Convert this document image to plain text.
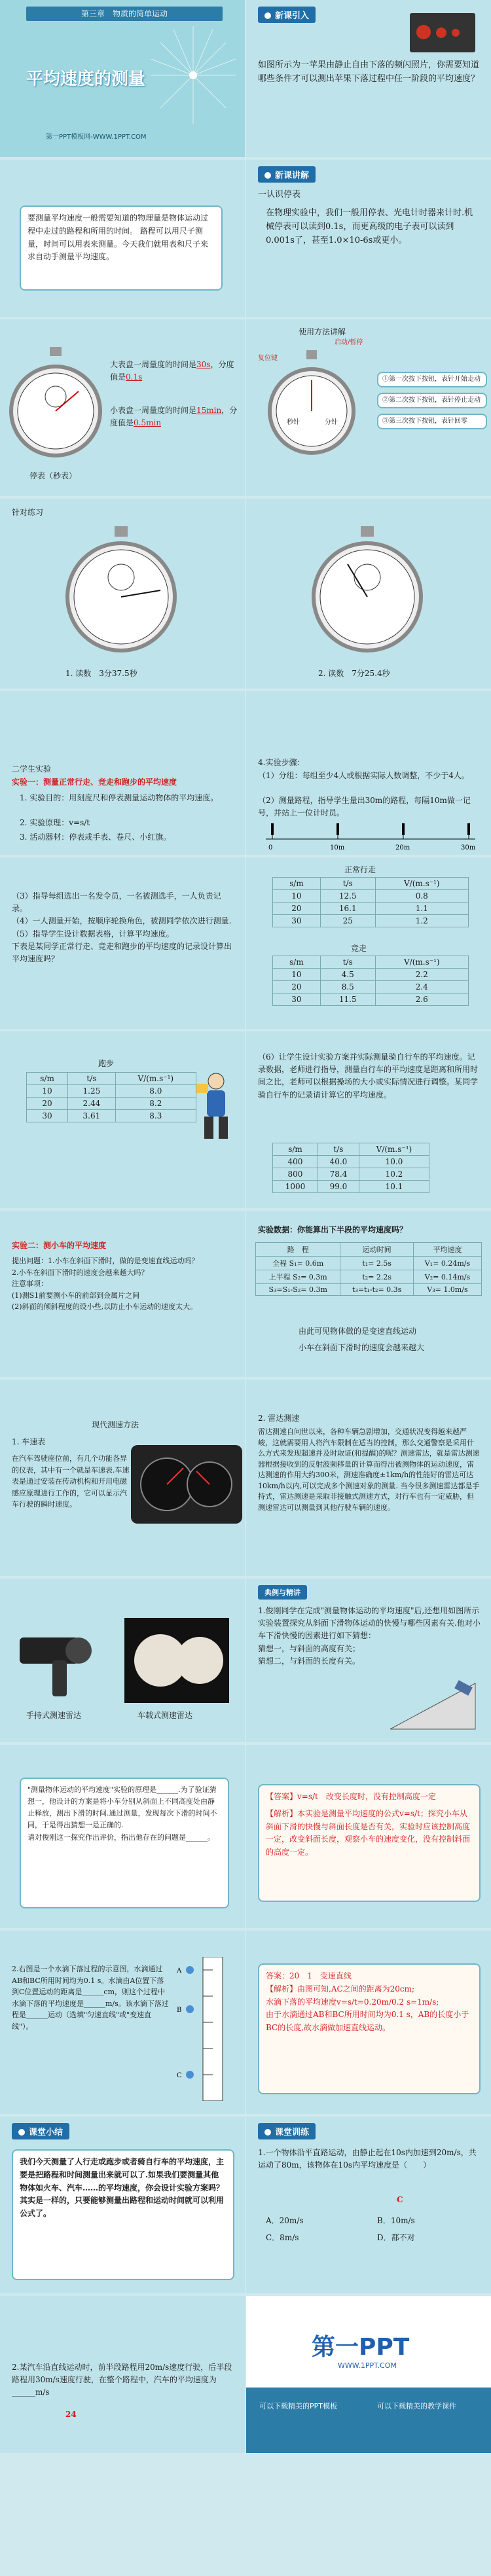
第三章　物质的简单运动
平均速度的测量
第一PPT模板网-WWW.1PPT.COM
新课引入
如图所示为一苹果由静止自由下落的频闪照片，你需要知道哪些条件才可以测出苹果下落过程中任一阶段的平均速度？
要测量平均速度一般需要知道的物理量是物体运动过程中走过的路程和所用的时间。 路程可以用尺子测量，时间可以用表来测量。今天我们就用表和尺子来求自动手测量平均速度。
新课讲解
一认识停表
在物理实验中，我们一般用停表、光电计时器来计时.机械停表可以读到0.1s，而更高级的电子表可以读到0.001s了，甚至1.0×10-6s或更小。
大表盘一周量度的时间是30s，分度值是0.1s
小表盘一周量度的时间是15min，分度值是0.5min
停表（秒表）
使用方法讲解
启动/暂停
复位键
秒针	分针
①第一次按下按钮，表针开始走动
②第二次按下按钮，表针停止走动
③第三次按下按钮，表针回零
针对练习
1. 读数　3分37.5秒	2. 读数　7分25.4秒
二学生实验
实验一：测量正常行走、竞走和跑步的平均速度
1. 实验目的：用刻度尺和停表测量运动物体的平均速度。
2. 实验原理：v=s/t
3. 活动器材：停表或手表、卷尺、小红旗。
4.实验步骤：
（1）分组：每组至少4人或根据实际人数调整，不少于4人。
（2）测量路程，指导学生量出30m的路程，每隔10m做一记号，并站上一位计时员。
0	10m	20m	30m
（3）指导每组选出一名发令员，一名被测选手，一人负责记录。
（4）一人测量开始，按顺序轮换角色，被测同学依次进行测量.
（5）指导学生设计数据表格，计算平均速度。
下表是某同学正常行走、竞走和跑步的平均速度的记录设计算出平均速度吗？
正常行走
s/m	t/s	V/(m.s⁻¹)
10	12.5	0.8
20	16.1	1.1
30	25	1.2
竞走
s/m	t/s	V/(m.s⁻¹)
10	4.5	2.2
20	8.5	2.4
30	11.5	2.6
跑步
s/m	t/s	V/(m.s⁻¹)
10	1.25	8.0
20	2.44	8.2
30	3.61	8.3
（6）让学生设计实验方案并实际测量骑自行车的平均速度。记录数据，老师进行指导，测量自行车的平均速度是距离和所用时间之比，老师可以根据操场的大小或实际情况进行调整。某同学骑自行车的记录请计算它的平均速度。
s/m	t/s	V/(m.s⁻¹)
400	40.0	10.0
800	78.4	10.2
1000	99.0	10.1
实验二：测小车的平均速度
提出问题：1.小车在斜面下滑时，做的是变速直线运动吗？
2.小车在斜面下滑时的速度会越来越大吗？
注意事项：
(1)测S1前要测小车的前部到金属片之间
(2)斜面的倾斜程度的设小些,以防止小车运动的速度太大。
实验数据：你能算出下半段的平均速度吗？
路　程	运动时间	平均速度
全程 S₁= 0.6m	t₁= 2.5s	V₁= 0.24m/s
上半程 S₂= 0.3m	t₂= 2.2s	V₂= 0.14m/s
S₃=S₁-S₂= 0.3m	t₃=t₁-t₂= 0.3s	V₃= 1.0m/s
由此可见物体做的是变速直线运动
小车在斜面下滑时的速度会越来越大
现代测速方法
1. 车速表
在汽车驾驶座位前，有几个功能各异的仪表，其中有一个就是车速表.车速表是通过安装在传动机构和开用电磁感应原理进行工作的，它可以显示汽车行驶的瞬时速度。
2. 雷达测速
雷达测速自问世以来，各种车辆急剧增加，交通状况变得越来越严峻，这就需要用人将汽车限制在适当的控制，那么交通警察是采用什么方式来发现超速并及时取证(和提醒)的呢？测速雷达，就是雷达测速器根据接收到的反射波频移量的计算而得出被测物体的运动速度，雷达测速的作用大约300米，测速准确度±1km/h的性能好的雷达可达10km/h以内,可以完成多个测速对象的测量. 当今很多测速雷达都是手持式，雷达测速是采取非接触式测速方式，对行车也有一定威胁，但测速雷达可以测量到其他行驶车辆的速度。
手持式测速雷达	车载式测速雷达
典例与精讲
1.俊刚同学在完成"测量物体运动的平均速度"后,还想用如图所示实验装置探究从斜面下滑物体运动的快慢与哪些因素有关.他对小车下滑快慢的因素进行如下猜想：
猜想一，与斜面的高度有关；
猜想二，与斜面的长度有关。
"测量物体运动的平均速度"实验的原理是______.为了验证猜想一，他设计的方案是将小车分别从斜面上不同高度处由静止释放，测出下滑的时间.通过测量，发现每次下滑的时间不同，于是得出猜想一是正确的.
请对俊刚这一探究作出评价，指出他存在的问题是______。
【答案】v=s/t　改变长度时，没有控制高度一定
【解析】本实验是测量平均速度的公式v=s/t；探究小车从斜面下滑的快慢与斜面长度是否有关，实验时应该控制高度一定，改变斜面长度，观察小车的速度变化，没有控制斜面的高度一定。
2.右图是一个水滴下落过程的示意图，水滴通过AB和BC所用时间均为0.1 s。水滴由A位置下落到C位置运动的距离是______cm，则这个过程中水滴下落的平均速度是______m/s。该水滴下落过程是______运动（选填"匀速直线"或"变速直线"）。
A
B
C
答案：20　1　变速直线
【解析】由图可知,AC之间的距离为20cm;
水滴下落的平均速度v=s/t=0.20m/0.2 s=1m/s;
由于水滴通过AB和BC所用时间均为0.1 s，AB的长度小于BC的长度,故水滴做加速直线运动。
课堂小结
我们今天测量了人行走或跑步或者骑自行车的平均速度，主要是把路程和时间测量出来就可以了.如果我们要测量其他物体如火车、汽车……的平均速度，你会设计实验方案吗？其实是一样的，只要能够测量出路程和运动时间就可以利用公式了。
课堂训练
1.一个物体沿平直路运动，由静止起在10s内加速到20m/s，共运动了80m，该物体在10s内平均速度是（　　）
C
A．20m/s	B．10m/s
C．8m/s	D．都不对
2.某汽车沿直线运动时，前半段路程用20m/s速度行驶，后半段路程用30m/s速度行驶，在整个路程中，汽车的平均速度为______m/s
24
第一PPT
WWW.1PPT.COM
可以下载精美的PPT模板	可以下载精美的教学课件
